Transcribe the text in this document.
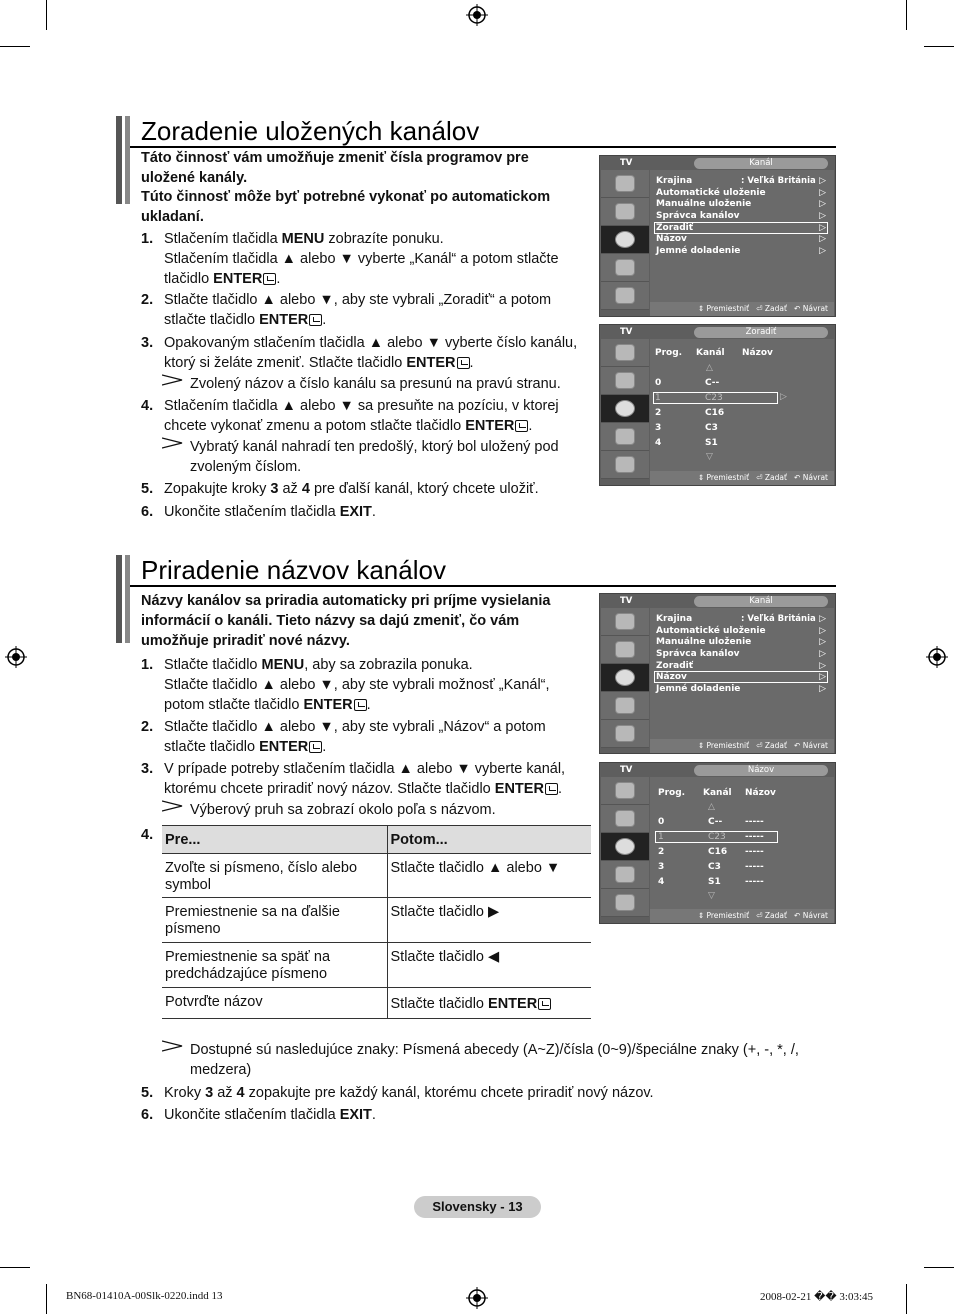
Zoradenie uložených kanálov
Táto činnosť vám umožňuje zmeniť čísla programov pre uložené kanály.
Túto činnosť môže byť potrebné vykonať po automatickom ukladaní.
1. Stlačením tlačidla MENU zobrazíte ponuku.
Stlačením tlačidla ▲ alebo ▼ vyberte „Kanál“ a potom stlačte tlačidlo ENTER .
2. Stlačte tlačidlo ▲ alebo ▼, aby ste vybrali „Zoradiť“ a potom stlačte tlačidlo ENTER .
3. Opakovaným stlačením tlačidla ▲ alebo ▼ vyberte číslo kanálu, ktorý si želáte zmeniť. Stlačte tlačidlo ENTER .
Zvolený názov a číslo kanálu sa presunú na pravú stranu.
4. Stlačením tlačidla ▲ alebo ▼ sa presuňte na pozíciu, v ktorej chcete vykonať zmenu a potom stlačte tlačidlo ENTER .
Vybratý kanál nahradí ten predošlý, ktorý bol uložený pod zvoleným číslom.
5. Zopakujte kroky 3 až 4 pre ďalší kanál, ktorý chcete uložiť.
6. Ukončite stlačením tlačidla EXIT.
TV	Kanál
Krajina	: Veľká Británia
Automatické uloženie
Manuálne uloženie
Správca kanálov
Zoradiť
Názov
Jemné doladenie
▷
▷
▷
▷
▷
▷
▷
⇕ Premiestniť   ⏎ Zadať   ↶ Návrat
TV	Zoradiť
Prog. Kanál Názov
△
0	C--
1	C23
2	C16
3	C3
4	S1
▽
▷
⇕ Premiestniť   ⏎ Zadať   ↶ Návrat
Priradenie názvov kanálov
Názvy kanálov sa priradia automaticky pri príjme vysielania informácií o kanáli. Tieto názvy sa dajú zmeniť, čo vám umožňuje priradiť nové názvy.
1. Stlačte tlačidlo MENU, aby sa zobrazila ponuka.
Stlačte tlačidlo ▲ alebo ▼, aby ste vybrali možnosť „Kanál“, potom stlačte tlačidlo ENTER .
2. Stlačte tlačidlo ▲ alebo ▼, aby ste vybrali „Názov“ a potom stlačte tlačidlo ENTER .
3. V prípade potreby stlačením tlačidla ▲ alebo ▼ vyberte kanál, ktorému chcete priradiť nový názov. Stlačte tlačidlo ENTER .
Výberový pruh sa zobrazí okolo poľa s názvom.
4. Pre...	Potom...
Zvoľte si písmeno, číslo alebo symbol	Stlačte tlačidlo ▲ alebo ▼
Premiestnenie sa na ďalšie písmeno	Stlačte tlačidlo ▶
Premiestnenie sa späť na predchádzajúce písmeno	Stlačte tlačidlo ◀
Potvrďte názov	Stlačte tlačidlo ENTER
Dostupné sú nasledujúce znaky: Písmená abecedy (A~Z)/čísla (0~9)/špeciálne znaky (+, -, *, /, medzera)
5. Kroky 3 až 4 zopakujte pre každý kanál, ktorému chcete priradiť nový názov.
6. Ukončite stlačením tlačidla EXIT.
TV	Kanál
Krajina	: Veľká Británia
Automatické uloženie
Manuálne uloženie
Správca kanálov
Zoradiť
Názov
Jemné doladenie
▷
▷
▷
▷
▷
▷
▷
⇕ Premiestniť   ⏎ Zadať   ↶ Návrat
TV	Názov
Prog. Kanál Názov
△
0	C--	-----
1	C23 -----
2	C16 -----
3	C3	-----
4	S1	-----
▽
⇕ Premiestniť   ⏎ Zadať   ↶ Návrat
Slovensky - 13
BN68-01410A-00Slk-0220.indd 13	2008-02-21 �� 3:03:45
